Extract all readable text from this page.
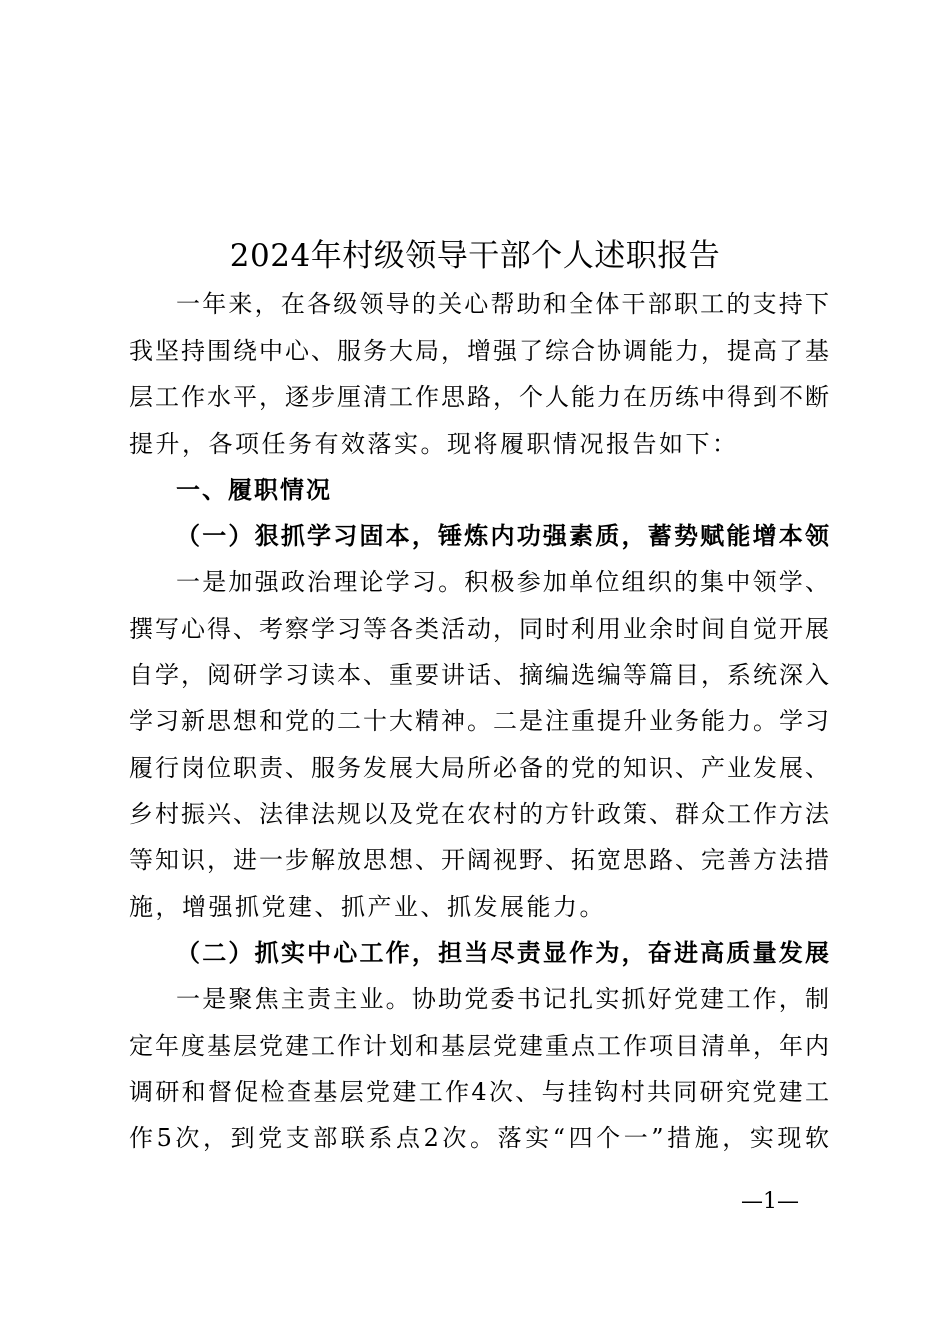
2024年村级领导干部个人述职报告
一年来，在各级领导的关心帮助和全体干部职工的支持下
我坚持围绕中心、服务大局，增强了综合协调能力，提高了基
层工作水平，逐步厘清工作思路，个人能力在历练中得到不断
提升，各项任务有效落实。现将履职情况报告如下：
一、履职情况
（一）狠抓学习固本，锤炼内功强素质，蓄势赋能增本领
一是加强政治理论学习。积极参加单位组织的集中领学、
撰写心得、考察学习等各类活动，同时利用业余时间自觉开展
自学，阅研学习读本、重要讲话、摘编选编等篇目，系统深入
学习新思想和党的二十大精神。二是注重提升业务能力。学习
履行岗位职责、服务发展大局所必备的党的知识、产业发展、
乡村振兴、法律法规以及党在农村的方针政策、群众工作方法
等知识，进一步解放思想、开阔视野、拓宽思路、完善方法措
施，增强抓党建、抓产业、抓发展能力。
（二）抓实中心工作，担当尽责显作为，奋进高质量发展
一是聚焦主责主业。协助党委书记扎实抓好党建工作，制
定年度基层党建工作计划和基层党建重点工作项目清单，年内
调研和督促检查基层党建工作4次、与挂钩村共同研究党建工
作5次，到党支部联系点2次。落实“四个一”措施，实现软
—1—
